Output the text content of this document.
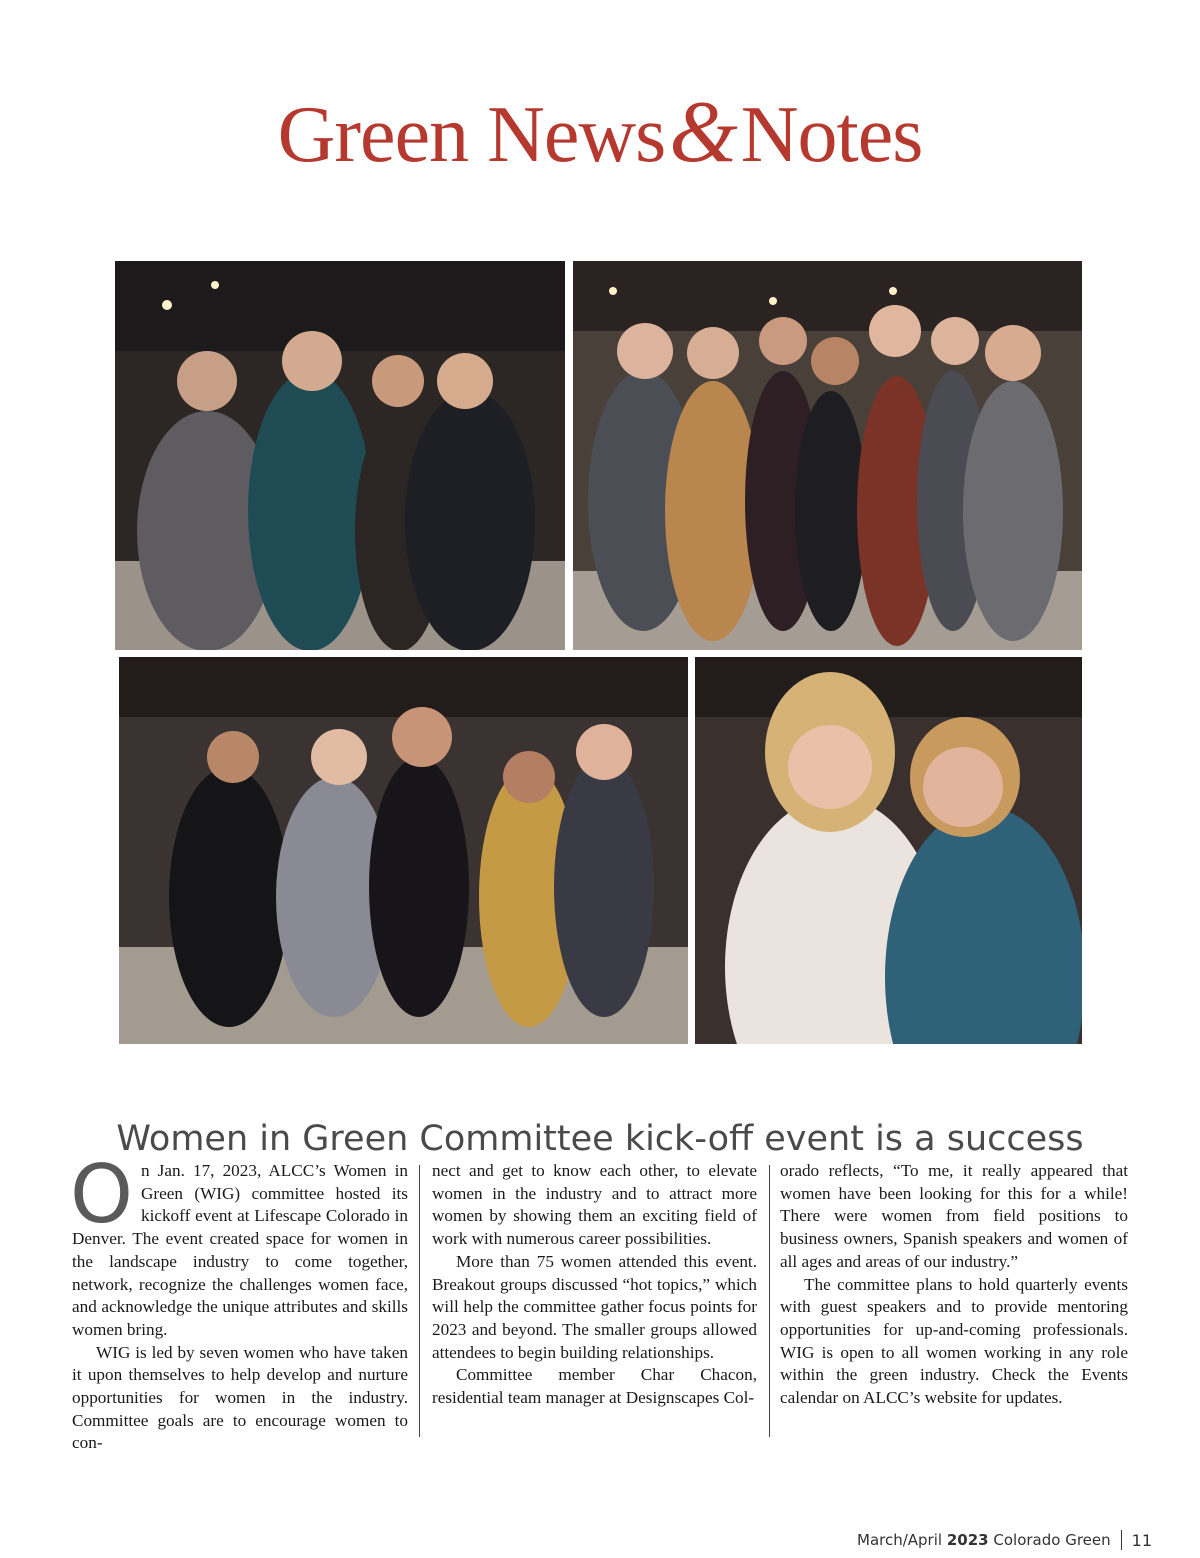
Green News&Notes
Women in Green Committee kick-off event is a success

On Jan. 17, 2023, ALCC’s Women in Green (WIG) committee hosted its kickoff event at Lifescape Colorado in Denver. The event created space for women in the landscape industry to come together, network, recognize the challenges women face, and acknowledge the unique attributes and skills women bring.

WIG is led by seven women who have taken it upon themselves to help develop and nurture opportunities for women in the industry. Committee goals are to encourage women to con-

nect and get to know each other, to elevate women in the industry and to attract more women by showing them an exciting field of work with numerous career possibilities.

More than 75 women attended this event. Breakout groups discussed “hot topics,” which will help the committee gather focus points for 2023 and beyond. The smaller groups allowed attendees to begin building relationships.

Committee member Char Chacon, residential team manager at Designscapes Col-

orado reflects, “To me, it really appeared that women have been looking for this for a while! There were women from field positions to business owners, Spanish speakers and women of all ages and areas of our industry.”

The committee plans to hold quarterly events with guest speakers and to provide mentoring opportunities for up-and-coming professionals. WIG is open to all women working in any role within the green industry. Check the Events calendar on ALCC’s website for updates.

March/April
2023
Colorado Green 11
